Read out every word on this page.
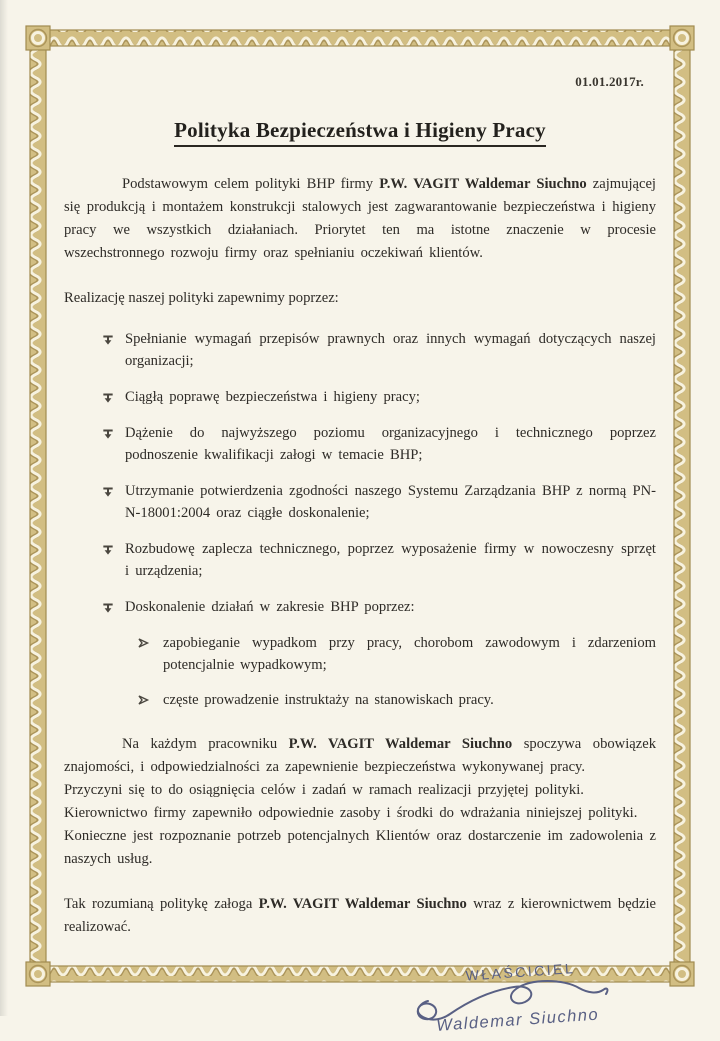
01.01.2017r.
Polityka Bezpieczeństwa i Higieny Pracy

Podstawowym celem polityki BHP firmy P.W. VAGIT Waldemar Siuchno zajmującej się produkcją i montażem konstrukcji stalowych jest zagwarantowanie bezpieczeństwa i higieny pracy we wszystkich działaniach. Priorytet ten ma istotne znaczenie w procesie wszechstronnego rozwoju firmy oraz spełnianiu oczekiwań klientów.

Realizację naszej polityki zapewnimy poprzez:

Spełnianie wymagań przepisów prawnych oraz innych wymagań dotyczących naszej organizacji;
Ciągłą poprawę bezpieczeństwa i higieny pracy;
Dążenie do najwyższego poziomu organizacyjnego i technicznego poprzez podnoszenie kwalifikacji załogi w temacie BHP;
Utrzymanie potwierdzenia zgodności naszego Systemu Zarządzania BHP z normą PN-N-18001:2004 oraz ciągłe doskonalenie;
Rozbudowę zaplecza technicznego, poprzez wyposażenie firmy w nowoczesny sprzęt i urządzenia;
Doskonalenie działań w zakresie BHP poprzez:
zapobieganie wypadkom przy pracy, chorobom zawodowym i zdarzeniom potencjalnie wypadkowym;
częste prowadzenie instruktaży na stanowiskach pracy.

Na każdym pracowniku P.W. VAGIT Waldemar Siuchno spoczywa obowiązek znajomości, i odpowiedzialności za zapewnienie bezpieczeństwa wykonywanej pracy.

Przyczyni się to do osiągnięcia celów i zadań w ramach realizacji przyjętej polityki.

Kierownictwo firmy zapewniło odpowiednie zasoby i środki do wdrażania niniejszej polityki.

Konieczne jest rozpoznanie potrzeb potencjalnych Klientów oraz dostarczenie im zadowolenia z naszych usług.

Tak rozumianą politykę załoga P.W. VAGIT Waldemar Siuchno wraz z kierownictwem będzie realizować.

WŁAŚCICIEL
Waldemar Siuchno
